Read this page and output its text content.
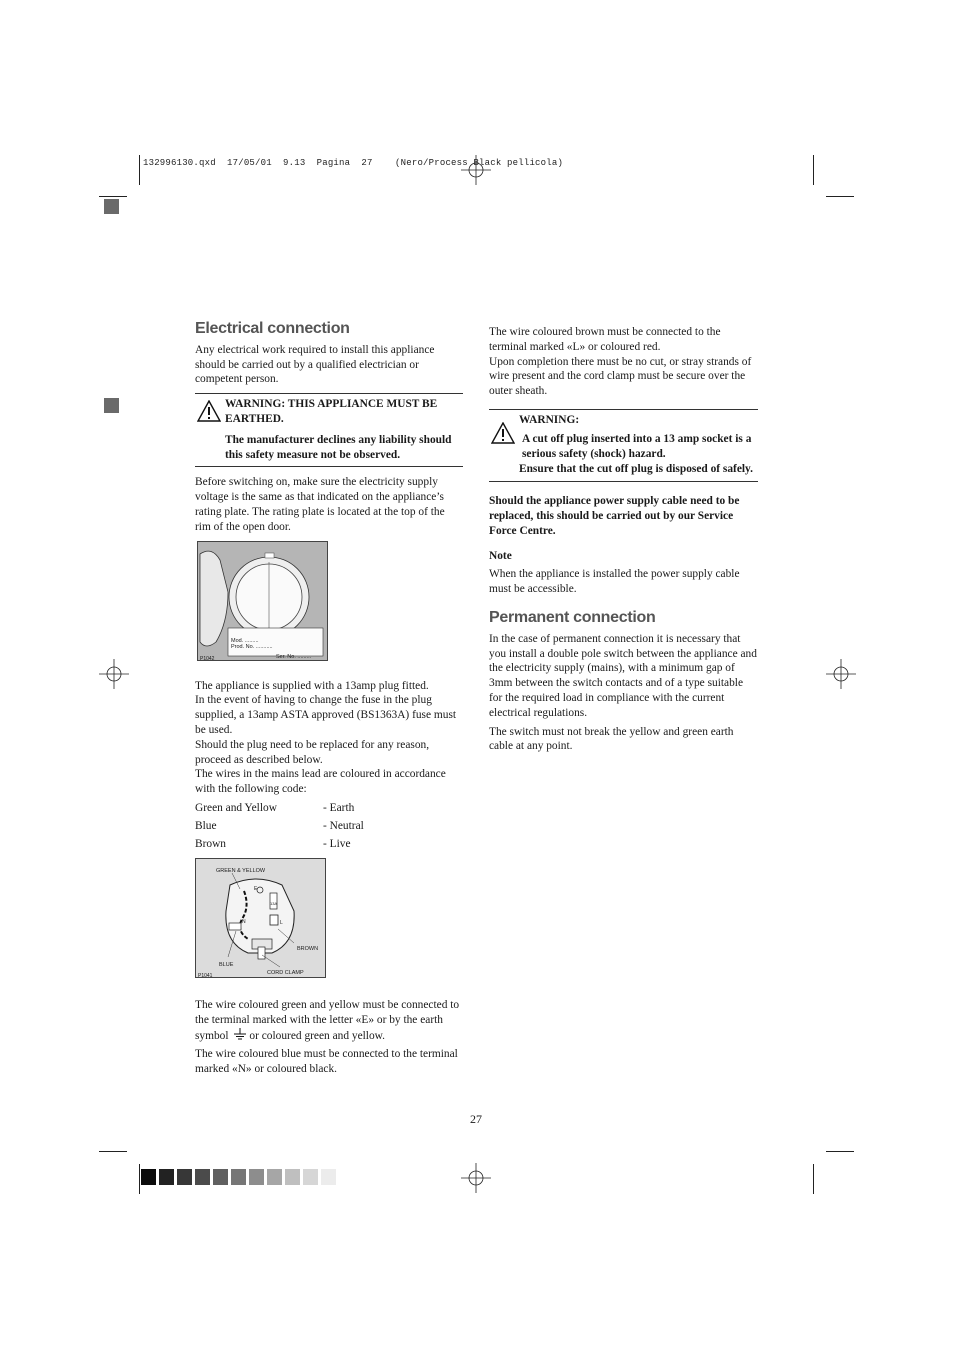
132996130.qxd  17/05/01  9.13  Pagina  27    (Nero/Process Black pellicola)
Electrical connection

Any electrical work required to install this appliance should be carried out by a qualified electrician or competent person.

WARNING: THIS APPLIANCE MUST BE EARTHED.

The manufacturer declines any liability should this safety measure not be observed.

Before switching on, make sure the electricity supply voltage is the same as that indicated on the appliance’s rating plate. The rating plate is located at the top of the rim of the open door.

Mod. .........
Prod. No. ...........
Ser. No. .........
P1042

The appliance is supplied with a 13amp plug fitted.

In the event of having to change the fuse in the plug supplied, a 13amp ASTA approved (BS1363A) fuse must be used.

Should the plug need to be replaced for any reason, proceed as described below.

The wires in the mains lead are coloured in accordance with the following code:

Green and Yellow	- Earth
Blue	- Neutral
Brown	- Live
GREEN & YELLOW
BROWN
BLUE
CORD CLAMP
E
N	L
13A
P1041

The wire coloured green and yellow must be connected to the terminal marked with the letter «E» or by the earth symbol or coloured green and yellow.

The wire coloured blue must be connected to the terminal marked «N» or coloured black.

The wire coloured brown must be connected to the terminal marked «L» or coloured red.

Upon completion there must be no cut, or stray strands of wire present and the cord clamp must be secure over the outer sheath.

WARNING:

A cut off plug inserted into a 13 amp socket is a serious safety (shock) hazard.

Ensure that the cut off plug is disposed of safely.

Should the appliance power supply cable need to be replaced, this should be carried out by our Service Force Centre.

Note

When the appliance is installed the power supply cable must be accessible.

Permanent connection

In the case of permanent connection it is necessary that you install a double pole switch between the appliance and the electricity supply (mains), with a minimum gap of 3mm between the switch contacts and of a type suitable for the required load in compliance with the current electrical regulations.

The switch must not break the yellow and green earth cable at any point.

27
